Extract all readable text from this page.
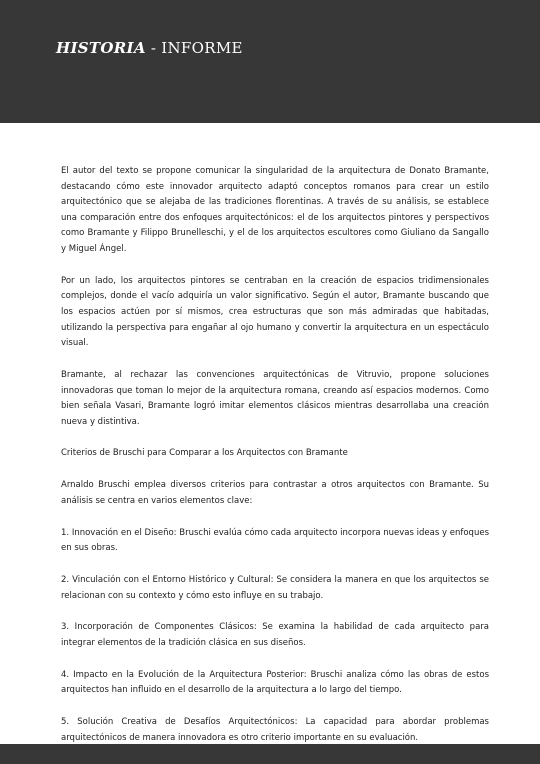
HISTORIA - INFORME

El autor del texto se propone comunicar la singularidad de la arquitectura de Donato Bramante, destacando cómo este innovador arquitecto adaptó conceptos romanos para crear un estilo arquitectónico que se alejaba de las tradiciones florentinas. A través de su análisis, se establece una comparación entre dos enfoques arquitectónicos: el de los arquitectos pintores y perspectivos como Bramante y Filippo Brunelleschi, y el de los arquitectos escultores como Giuliano da Sangallo y Miguel Ángel.

Por un lado, los arquitectos pintores se centraban en la creación de espacios tridimensionales complejos, donde el vacío adquiría un valor significativo. Según el autor, Bramante buscando que los espacios actúen por sí mismos, crea estructuras que son más admiradas que habitadas, utilizando la perspectiva para engañar al ojo humano y convertir la arquitectura en un espectáculo visual.

Bramante, al rechazar las convenciones arquitectónicas de Vitruvio, propone soluciones innovadoras que toman lo mejor de la arquitectura romana, creando así espacios modernos. Como bien señala Vasari, Bramante logró imitar elementos clásicos mientras desarrollaba una creación nueva y distintiva.

Criterios de Bruschi para Comparar a los Arquitectos con Bramante

Arnaldo Bruschi emplea diversos criterios para contrastar a otros arquitectos con Bramante. Su análisis se centra en varios elementos clave:

1. Innovación en el Diseño: Bruschi evalúa cómo cada arquitecto incorpora nuevas ideas y enfoques en sus obras.

2. Vinculación con el Entorno Histórico y Cultural: Se considera la manera en que los arquitectos se relacionan con su contexto y cómo esto influye en su trabajo.

3. Incorporación de Componentes Clásicos: Se examina la habilidad de cada arquitecto para integrar elementos de la tradición clásica en sus diseños.

4. Impacto en la Evolución de la Arquitectura Posterior: Bruschi analiza cómo las obras de estos arquitectos han influido en el desarrollo de la arquitectura a lo largo del tiempo.

5. Solución Creativa de Desafíos Arquitectónicos: La capacidad para abordar problemas arquitectónicos de manera innovadora es otro criterio importante en su evaluación.
